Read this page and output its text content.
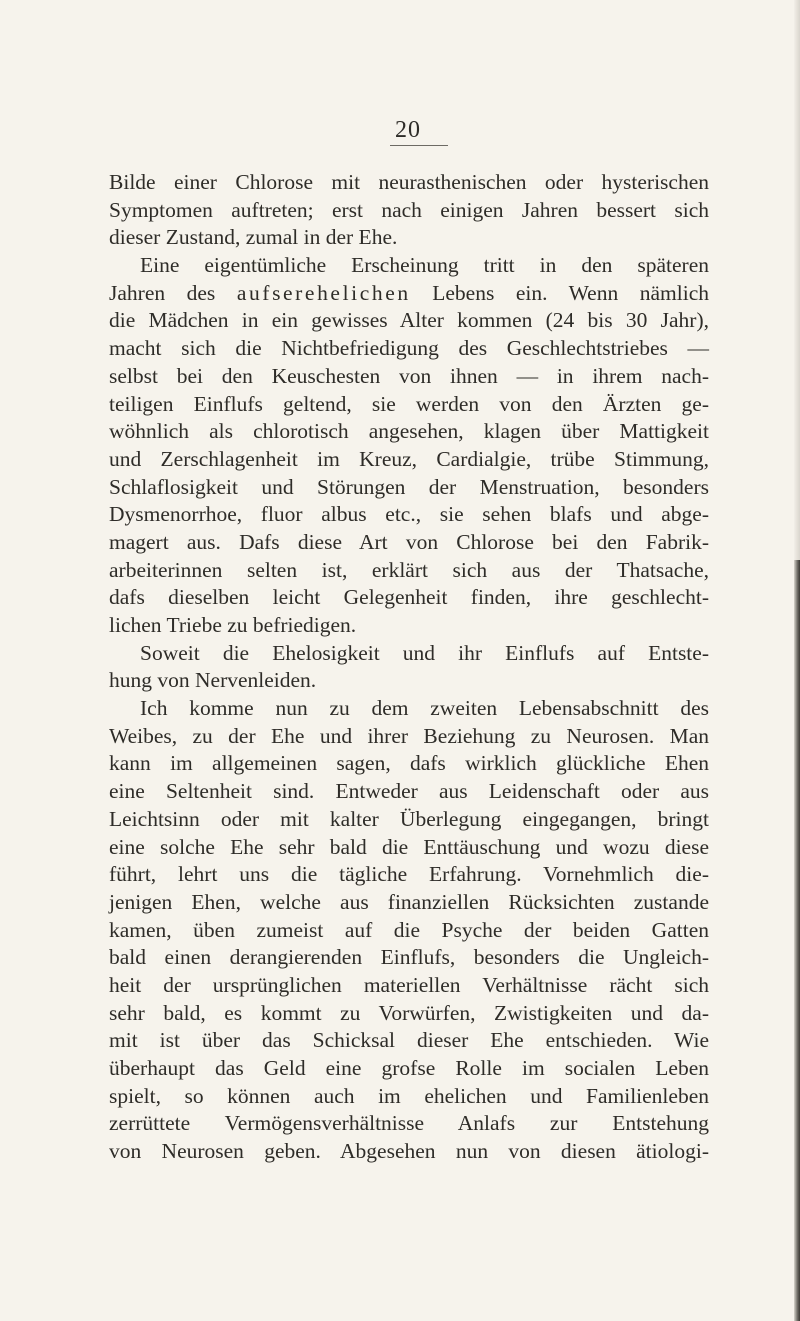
20
Bilde einer Chlorose mit neurasthenischen oder hysterischen
Symptomen auftreten; erst nach einigen Jahren bessert sich
dieser Zustand, zumal in der Ehe.
Eine eigentümliche Erscheinung tritt in den späteren
Jahren des aufserehelichen Lebens ein. Wenn nämlich
die Mädchen in ein gewisses Alter kommen (24 bis 30 Jahr),
macht sich die Nichtbefriedigung des Geschlechtstriebes —
selbst bei den Keuschesten von ihnen — in ihrem nach-
teiligen Einflufs geltend, sie werden von den Ärzten ge-
wöhnlich als chlorotisch angesehen, klagen über Mattigkeit
und Zerschlagenheit im Kreuz, Cardialgie, trübe Stimmung,
Schlaflosigkeit und Störungen der Menstruation, besonders
Dysmenorrhoe, fluor albus etc., sie sehen blafs und abge-
magert aus. Dafs diese Art von Chlorose bei den Fabrik-
arbeiterinnen selten ist, erklärt sich aus der Thatsache,
dafs dieselben leicht Gelegenheit finden, ihre geschlecht-
lichen Triebe zu befriedigen.
Soweit die Ehelosigkeit und ihr Einflufs auf Entste-
hung von Nervenleiden.
Ich komme nun zu dem zweiten Lebensabschnitt des
Weibes, zu der Ehe und ihrer Beziehung zu Neurosen. Man
kann im allgemeinen sagen, dafs wirklich glückliche Ehen
eine Seltenheit sind. Entweder aus Leidenschaft oder aus
Leichtsinn oder mit kalter Überlegung eingegangen, bringt
eine solche Ehe sehr bald die Enttäuschung und wozu diese
führt, lehrt uns die tägliche Erfahrung. Vornehmlich die-
jenigen Ehen, welche aus finanziellen Rücksichten zustande
kamen, üben zumeist auf die Psyche der beiden Gatten
bald einen derangierenden Einflufs, besonders die Ungleich-
heit der ursprünglichen materiellen Verhältnisse rächt sich
sehr bald, es kommt zu Vorwürfen, Zwistigkeiten und da-
mit ist über das Schicksal dieser Ehe entschieden. Wie
überhaupt das Geld eine grofse Rolle im socialen Leben
spielt, so können auch im ehelichen und Familienleben
zerrüttete Vermögensverhältnisse Anlafs zur Entstehung
von Neurosen geben. Abgesehen nun von diesen ätiologi-
